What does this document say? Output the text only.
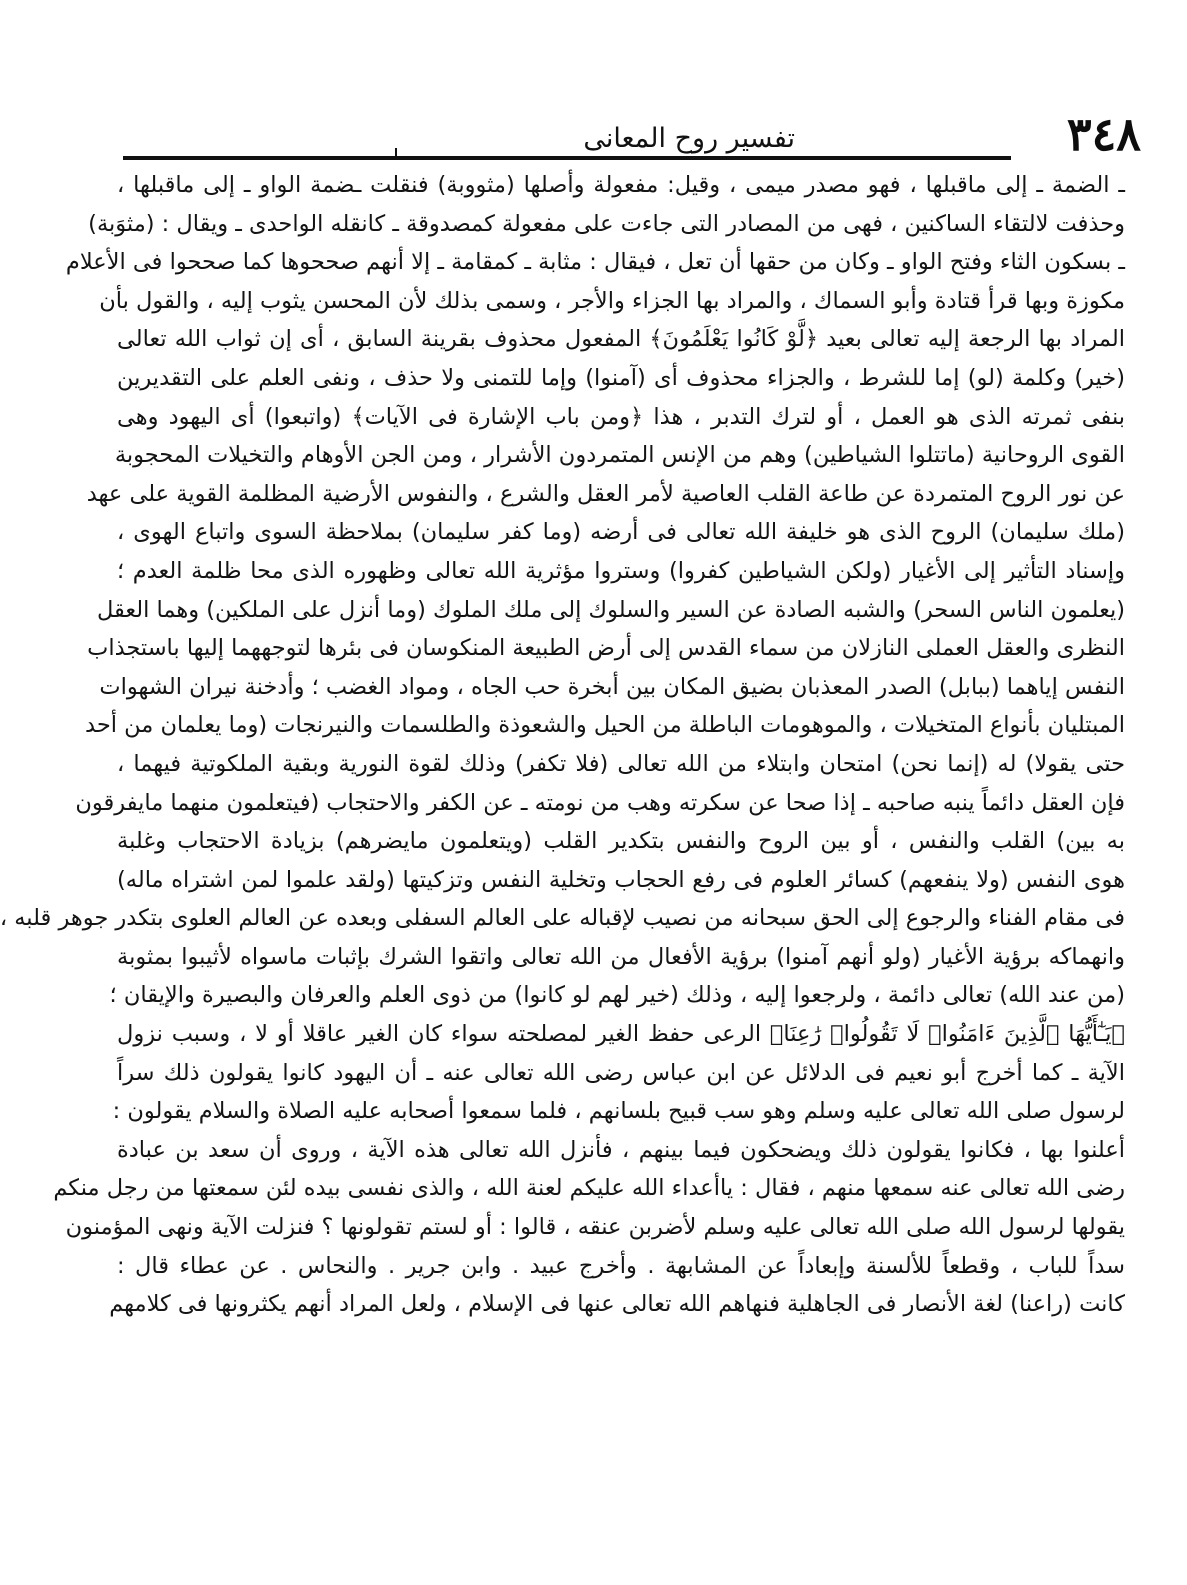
٣٤٨
تفسير روح المعانى
ـ الضمة ـ إلى ماقبلها ، فهو مصدر ميمى ، وقيل: مفعولة وأصلها (مثووبة) فنقلت ـضمة الواو ـ إلى ماقبلها ،
وحذفت لالتقاء الساكنين ، فهى من المصادر التى جاءت على مفعولة كمصدوقة ـ كانقله الواحدى ـ ويقال : (مثوَبة)
ـ بسكون الثاء وفتح الواو ـ وكان من حقها أن تعل ، فيقال : مثابة ـ كمقامة ـ إلا أنهم صححوها كما صححوا فى الأعلام
مكوزة وبها قرأ قتادة وأبو السماك ، والمراد بها الجزاء والأجر ، وسمى بذلك لأن المحسن يثوب إليه ، والقول بأن
المراد بها الرجعة إليه تعالى بعيد ﴿لَّوْ كَانُوا يَعْلَمُونَ﴾ المفعول محذوف بقرينة السابق ، أى إن ثواب الله تعالى
(خير) وكلمة (لو) إما للشرط ، والجزاء محذوف أى (آمنوا) وإما للتمنى ولا حذف ، ونفى العلم على التقديرين
بنفى ثمرته الذى هو العمل ، أو لترك التدبر ، هذا ﴿ومن باب الإشارة فى الآيات﴾ (واتبعوا) أى اليهود وهى
القوى الروحانية (ماتتلوا الشياطين) وهم من الإنس المتمردون الأشرار ، ومن الجن الأوهام والتخيلات المحجوبة
عن نور الروح المتمردة عن طاعة القلب العاصية لأمر العقل والشرع ، والنفوس الأرضية المظلمة القوية على عهد
(ملك سليمان) الروح الذى هو خليفة الله تعالى فى أرضه (وما كفر سليمان) بملاحظة السوى واتباع الهوى ،
وإسناد التأثير إلى الأغيار (ولكن الشياطين كفروا) وستروا مؤثرية الله تعالى وظهوره الذى محا ظلمة العدم ؛
(يعلمون الناس السحر) والشبه الصادة عن السير والسلوك إلى ملك الملوك (وما أنزل على الملكين) وهما العقل
النظرى والعقل العملى النازلان من سماء القدس إلى أرض الطبيعة المنكوسان فى بئرها لتوجههما إليها باستجذاب
النفس إياهما (ببابل) الصدر المعذبان بضيق المكان بين أبخرة حب الجاه ، ومواد الغضب ؛ وأدخنة نيران الشهوات
المبتليان بأنواع المتخيلات ، والموهومات الباطلة من الحيل والشعوذة والطلسمات والنيرنجات (وما يعلمان من أحد
حتى يقولا) له (إنما نحن) امتحان وابتلاء من الله تعالى (فلا تكفر) وذلك لقوة النورية وبقية الملكوتية فيهما ،
فإن العقل دائماً ينبه صاحبه ـ إذا صحا عن سكرته وهب من نومته ـ عن الكفر والاحتجاب (فيتعلمون منهما مايفرقون
به بين) القلب والنفس ، أو بين الروح والنفس بتكدير القلب (ويتعلمون مايضرهم) بزيادة الاحتجاب وغلبة
هوى النفس (ولا ينفعهم) كسائر العلوم فى رفع الحجاب وتخلية النفس وتزكيتها (ولقد علموا لمن اشتراه ماله)
فى مقام الفناء والرجوع إلى الحق سبحانه من نصيب لإقباله على العالم السفلى وبعده عن العالم العلوى بتكدر جوهر قلبه ،
وانهماكه برؤية الأغيار (ولو أنهم آمنوا) برؤية الأفعال من الله تعالى واتقوا الشرك بإثبات ماسواه لأثيبوا بمثوبة
(من عند الله) تعالى دائمة ، ولرجعوا إليه ، وذلك (خير لهم لو كانوا) من ذوى العلم والعرفان والبصيرة والإيقان ؛
﴿يَـٰٓأَيُّهَا ٱلَّذِينَ ءَامَنُوا۟ لَا تَقُولُوا۟ رَٰعِنَا﴾ الرعى حفظ الغير لمصلحته سواء كان الغير عاقلا أو لا ، وسبب نزول
الآية ـ كما أخرج أبو نعيم فى الدلائل عن ابن عباس رضى الله تعالى عنه ـ أن اليهود كانوا يقولون ذلك سراً
لرسول صلى الله تعالى عليه وسلم وهو سب قبيح بلسانهم ، فلما سمعوا أصحابه عليه الصلاة والسلام يقولون :
أعلنوا بها ، فكانوا يقولون ذلك ويضحكون فيما بينهم ، فأنزل الله تعالى هذه الآية ، وروى أن سعد بن عبادة
رضى الله تعالى عنه سمعها منهم ، فقال : ياأعداء الله عليكم لعنة الله ، والذى نفسى بيده لئن سمعتها من رجل منكم
يقولها لرسول الله صلى الله تعالى عليه وسلم لأضربن عنقه ، قالوا : أو لستم تقولونها ؟ فنزلت الآية ونهى المؤمنون
سداً للباب ، وقطعاً للألسنة وإبعاداً عن المشابهة . وأخرج عبيد . وابن جرير . والنحاس . عن عطاء قال :
كانت (راعنا) لغة الأنصار فى الجاهلية فنهاهم الله تعالى عنها فى الإسلام ، ولعل المراد أنهم يكثرونها فى كلامهم
